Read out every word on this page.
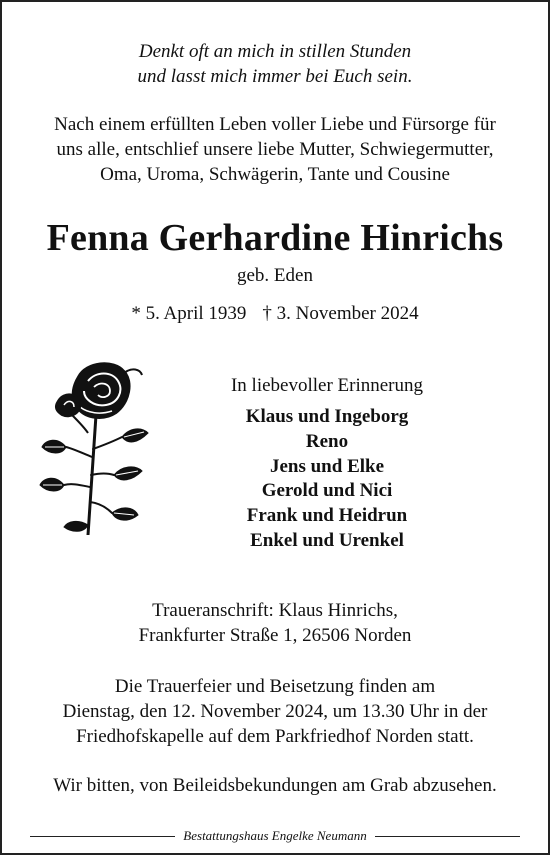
Denkt oft an mich in stillen Stunden
und lasst mich immer bei Euch sein.
Nach einem erfüllten Leben voller Liebe und Fürsorge für
uns alle, entschlief unsere liebe Mutter, Schwiegermutter,
Oma, Uroma, Schwägerin, Tante und Cousine
Fenna Gerhardine Hinrichs
geb. Eden
* 5. April 1939 † 3. November 2024
In liebevoller Erinnerung
Klaus und Ingeborg
Reno
Jens und Elke
Gerold und Nici
Frank und Heidrun
Enkel und Urenkel
Traueranschrift: Klaus Hinrichs,
Frankfurter Straße 1, 26506 Norden
Die Trauerfeier und Beisetzung finden am
Dienstag, den 12. November 2024, um 13.30 Uhr in der
Friedhofskapelle auf dem Parkfriedhof Norden statt.
Wir bitten, von Beileidsbekundungen am Grab abzusehen.
Bestattungshaus Engelke Neumann
